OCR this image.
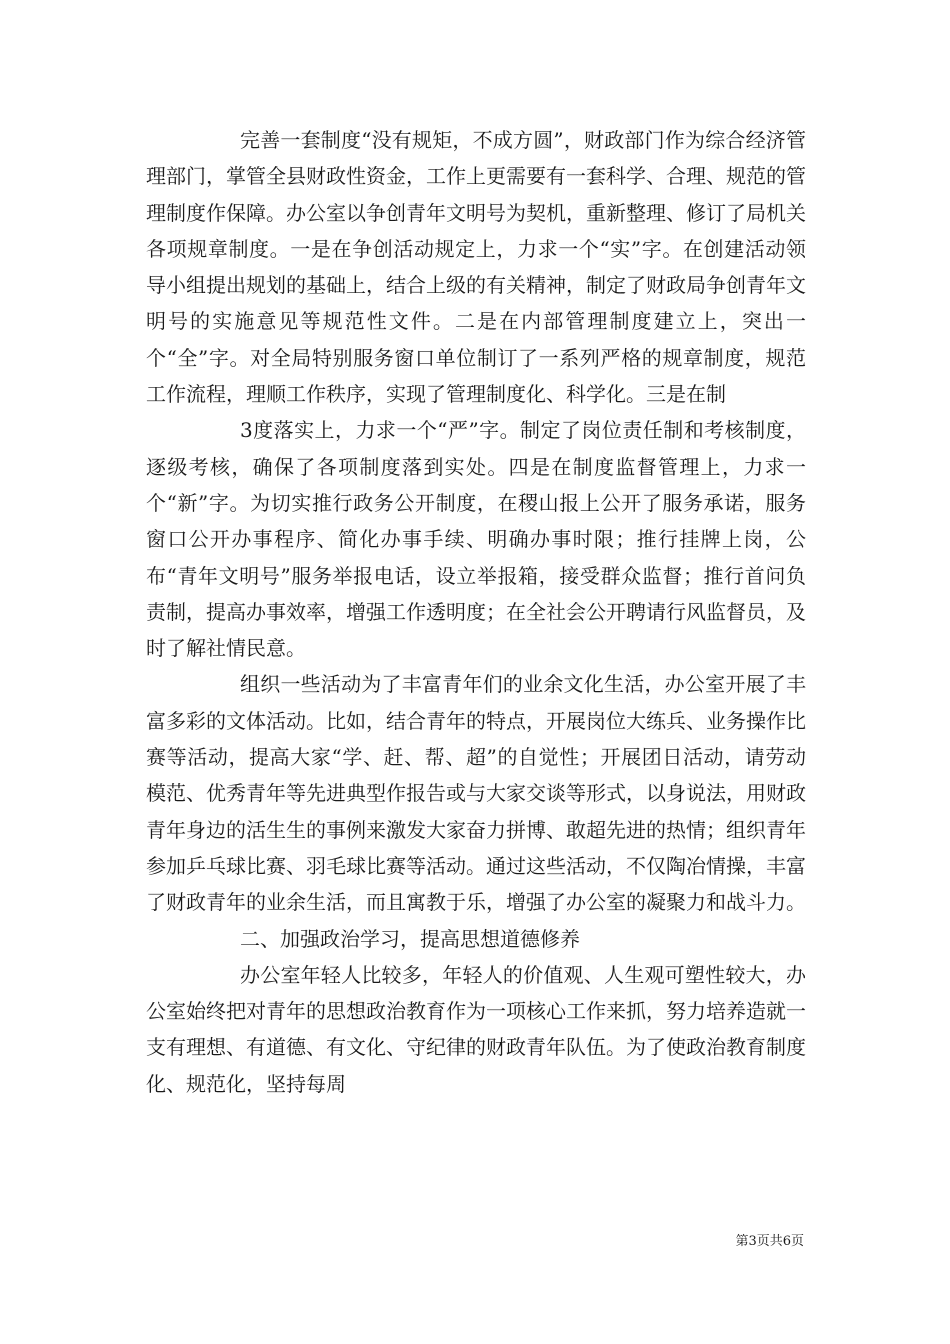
完善一套制度“没有规矩，不成方圆”，财政部门作为综合经济管理部门，掌管全县财政性资金，工作上更需要有一套科学、合理、规范的管理制度作保障。办公室以争创青年文明号为契机，重新整理、修订了局机关各项规章制度。一是在争创活动规定上，力求一个“实”字。在创建活动领导小组提出规划的基础上，结合上级的有关精神，制定了财政局争创青年文明号的实施意见等规范性文件。二是在内部管理制度建立上，突出一个“全”字。对全局特别服务窗口单位制订了一系列严格的规章制度，规范工作流程，理顺工作秩序，实现了管理制度化、科学化。三是在制

3度落实上，力求一个“严”字。制定了岗位责任制和考核制度，逐级考核，确保了各项制度落到实处。四是在制度监督管理上，力求一个“新”字。为切实推行政务公开制度，在稷山报上公开了服务承诺，服务窗口公开办事程序、简化办事手续、明确办事时限；推行挂牌上岗，公布“青年文明号”服务举报电话，设立举报箱，接受群众监督；推行首问负责制，提高办事效率，增强工作透明度；在全社会公开聘请行风监督员，及时了解社情民意。

组织一些活动为了丰富青年们的业余文化生活，办公室开展了丰富多彩的文体活动。比如，结合青年的特点，开展岗位大练兵、业务操作比赛等活动，提高大家“学、赶、帮、超”的自觉性；开展团日活动，请劳动模范、优秀青年等先进典型作报告或与大家交谈等形式，以身说法，用财政青年身边的活生生的事例来激发大家奋力拼博、敢超先进的热情；组织青年参加乒乓球比赛、羽毛球比赛等活动。通过这些活动，不仅陶冶情操，丰富了财政青年的业余生活，而且寓教于乐，增强了办公室的凝聚力和战斗力。

二、加强政治学习，提高思想道德修养

办公室年轻人比较多，年轻人的价值观、人生观可塑性较大，办公室始终把对青年的思想政治教育作为一项核心工作来抓，努力培养造就一支有理想、有道德、有文化、守纪律的财政青年队伍。为了使政治教育制度化、规范化，坚持每周

第3页共6页
